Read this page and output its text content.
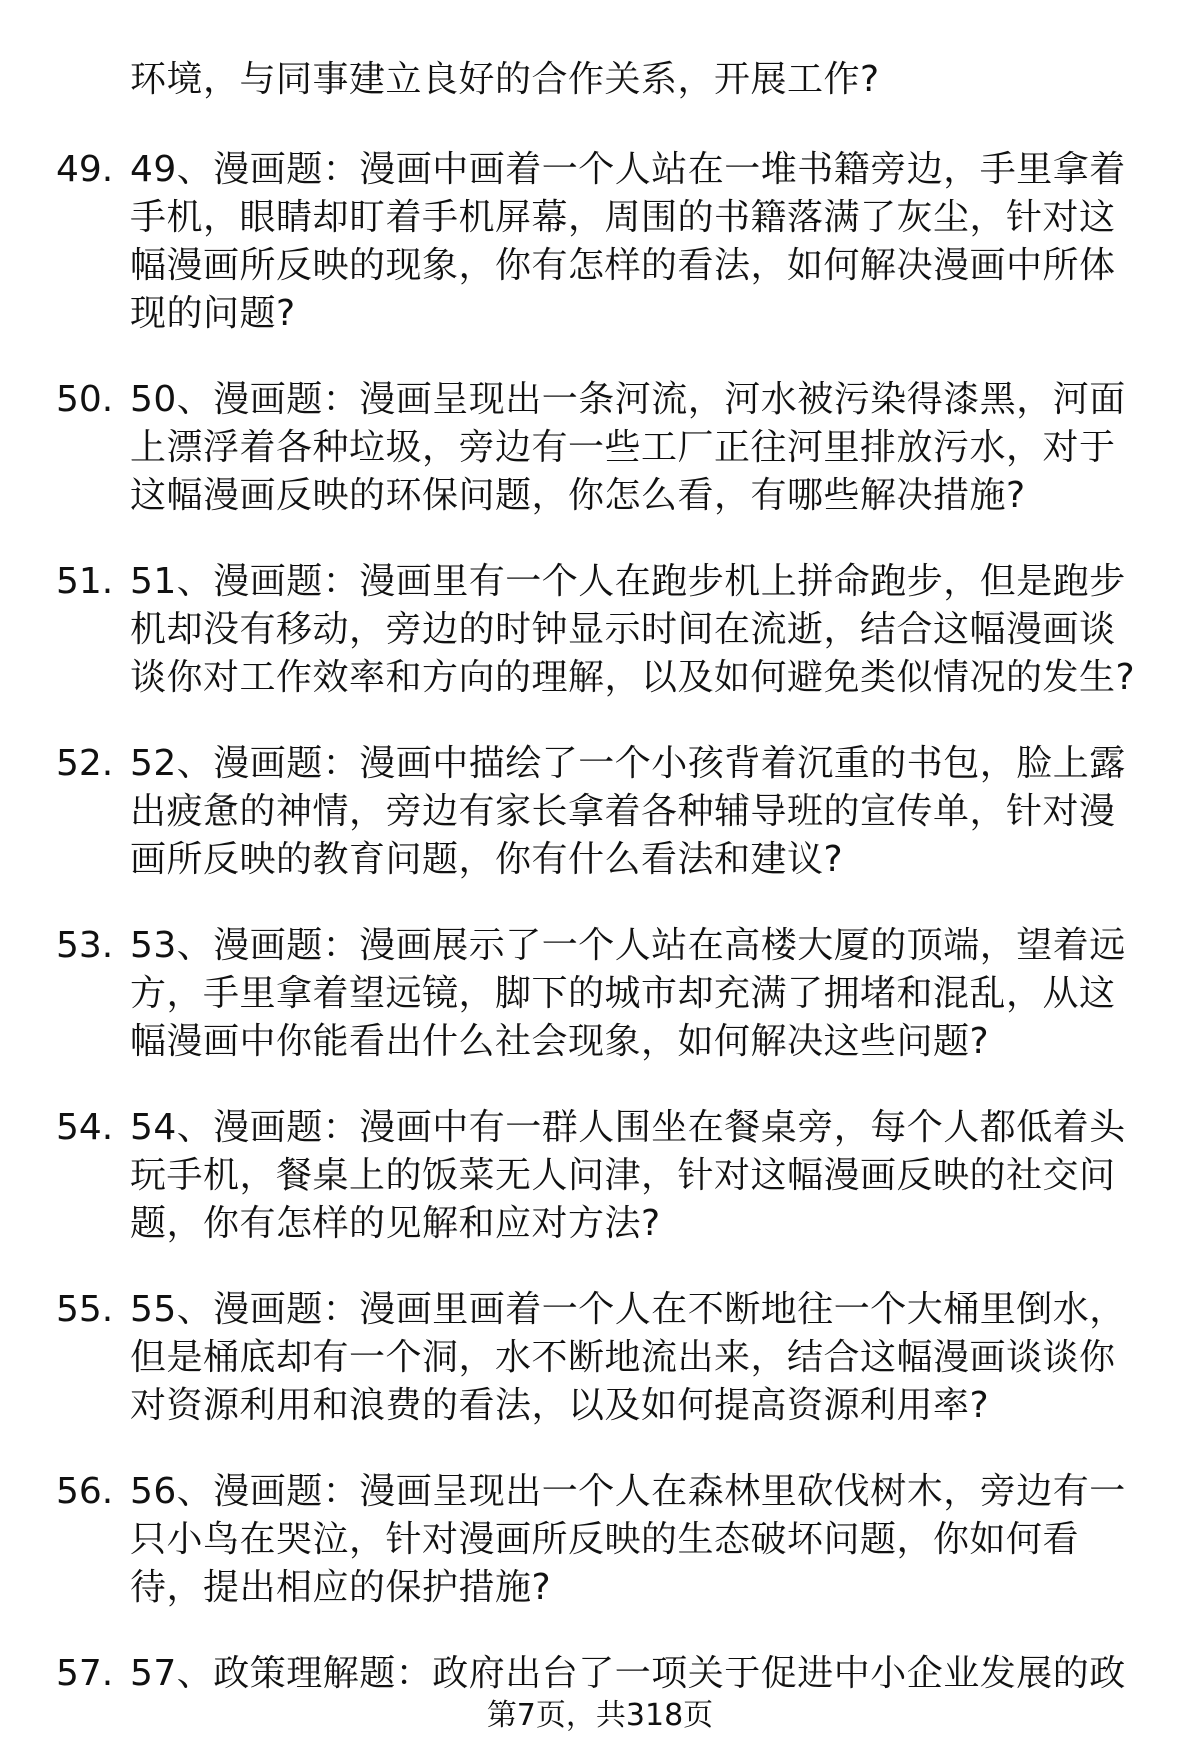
环境，与同事建立良好的合作关系，开展工作?
49. 49、漫画题：漫画中画着一个人站在一堆书籍旁边，手里拿着手机，眼睛却盯着手机屏幕，周围的书籍落满了灰尘，针对这幅漫画所反映的现象，你有怎样的看法，如何解决漫画中所体现的问题?
50. 50、漫画题：漫画呈现出一条河流，河水被污染得漆黑，河面上漂浮着各种垃圾，旁边有一些工厂正往河里排放污水，对于这幅漫画反映的环保问题，你怎么看，有哪些解决措施?
51. 51、漫画题：漫画里有一个人在跑步机上拼命跑步，但是跑步机却没有移动，旁边的时钟显示时间在流逝，结合这幅漫画谈谈你对工作效率和方向的理解，以及如何避免类似情况的发生?
52. 52、漫画题：漫画中描绘了一个小孩背着沉重的书包，脸上露出疲惫的神情，旁边有家长拿着各种辅导班的宣传单，针对漫画所反映的教育问题，你有什么看法和建议?
53. 53、漫画题：漫画展示了一个人站在高楼大厦的顶端，望着远方，手里拿着望远镜，脚下的城市却充满了拥堵和混乱，从这幅漫画中你能看出什么社会现象，如何解决这些问题?
54. 54、漫画题：漫画中有一群人围坐在餐桌旁，每个人都低着头玩手机，餐桌上的饭菜无人问津，针对这幅漫画反映的社交问题，你有怎样的见解和应对方法?
55. 55、漫画题：漫画里画着一个人在不断地往一个大桶里倒水，但是桶底却有一个洞，水不断地流出来，结合这幅漫画谈谈你对资源利用和浪费的看法，以及如何提高资源利用率?
56. 56、漫画题：漫画呈现出一个人在森林里砍伐树木，旁边有一只小鸟在哭泣，针对漫画所反映的生态破坏问题，你如何看待，提出相应的保护措施?
57. 57、政策理解题：政府出台了一项关于促进中小企业发展的政
第7页，共318页
